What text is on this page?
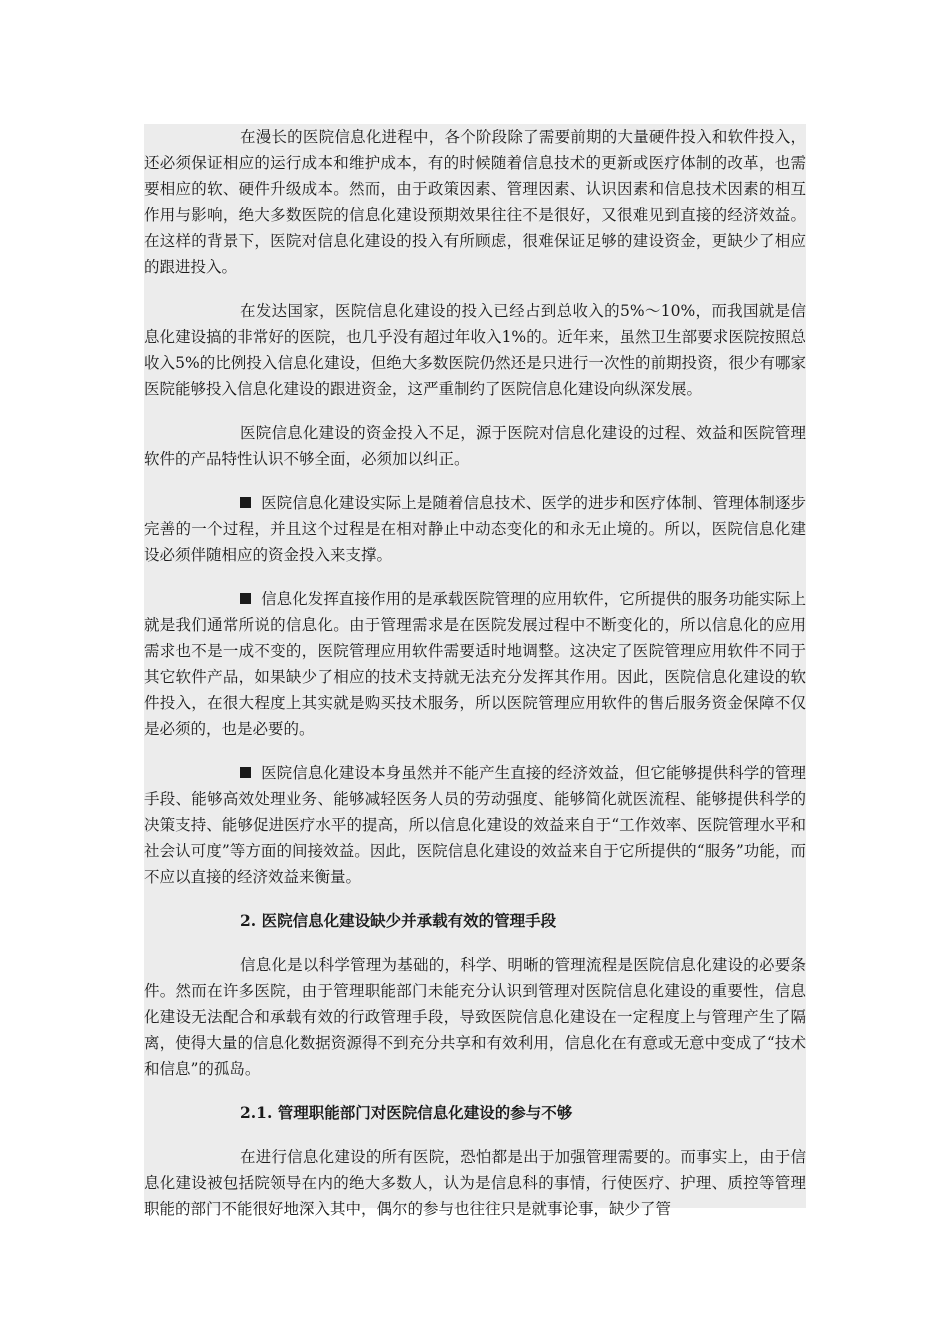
在漫长的医院信息化进程中，各个阶段除了需要前期的大量硬件投入和软件投入，还必须保证相应的运行成本和维护成本，有的时候随着信息技术的更新或医疗体制的改革，也需要相应的软、硬件升级成本。然而，由于政策因素、管理因素、认识因素和信息技术因素的相互作用与影响，绝大多数医院的信息化建设预期效果往往不是很好，又很难见到直接的经济效益。在这样的背景下，医院对信息化建设的投入有所顾虑，很难保证足够的建设资金，更缺少了相应的跟进投入。

在发达国家，医院信息化建设的投入已经占到总收入的5%～10%，而我国就是信息化建设搞的非常好的医院，也几乎没有超过年收入1%的。近年来，虽然卫生部要求医院按照总收入5%的比例投入信息化建设，但绝大多数医院仍然还是只进行一次性的前期投资，很少有哪家医院能够投入信息化建设的跟进资金，这严重制约了医院信息化建设向纵深发展。

医院信息化建设的资金投入不足，源于医院对信息化建设的过程、效益和医院管理软件的产品特性认识不够全面，必须加以纠正。

医院信息化建设实际上是随着信息技术、医学的进步和医疗体制、管理体制逐步完善的一个过程，并且这个过程是在相对静止中动态变化的和永无止境的。所以，医院信息化建设必须伴随相应的资金投入来支撑。

信息化发挥直接作用的是承载医院管理的应用软件，它所提供的服务功能实际上就是我们通常所说的信息化。由于管理需求是在医院发展过程中不断变化的，所以信息化的应用需求也不是一成不变的，医院管理应用软件需要适时地调整。这决定了医院管理应用软件不同于其它软件产品，如果缺少了相应的技术支持就无法充分发挥其作用。因此，医院信息化建设的软件投入，在很大程度上其实就是购买技术服务，所以医院管理应用软件的售后服务资金保障不仅是必须的，也是必要的。

医院信息化建设本身虽然并不能产生直接的经济效益，但它能够提供科学的管理手段、能够高效处理业务、能够减轻医务人员的劳动强度、能够简化就医流程、能够提供科学的决策支持、能够促进医疗水平的提高，所以信息化建设的效益来自于“工作效率、医院管理水平和社会认可度”等方面的间接效益。因此，医院信息化建设的效益来自于它所提供的“服务”功能，而不应以直接的经济效益来衡量。

2. 医院信息化建设缺少并承载有效的管理手段

信息化是以科学管理为基础的，科学、明晰的管理流程是医院信息化建设的必要条件。然而在许多医院，由于管理职能部门未能充分认识到管理对医院信息化建设的重要性，信息化建设无法配合和承载有效的行政管理手段，导致医院信息化建设在一定程度上与管理产生了隔离，使得大量的信息化数据资源得不到充分共享和有效利用，信息化在有意或无意中变成了“技术和信息”的孤岛。

2.1. 管理职能部门对医院信息化建设的参与不够

在进行信息化建设的所有医院，恐怕都是出于加强管理需要的。而事实上，由于信息化建设被包括院领导在内的绝大多数人，认为是信息科的事情，行使医疗、护理、质控等管理职能的部门不能很好地深入其中，偶尔的参与也往往只是就事论事，缺少了管
